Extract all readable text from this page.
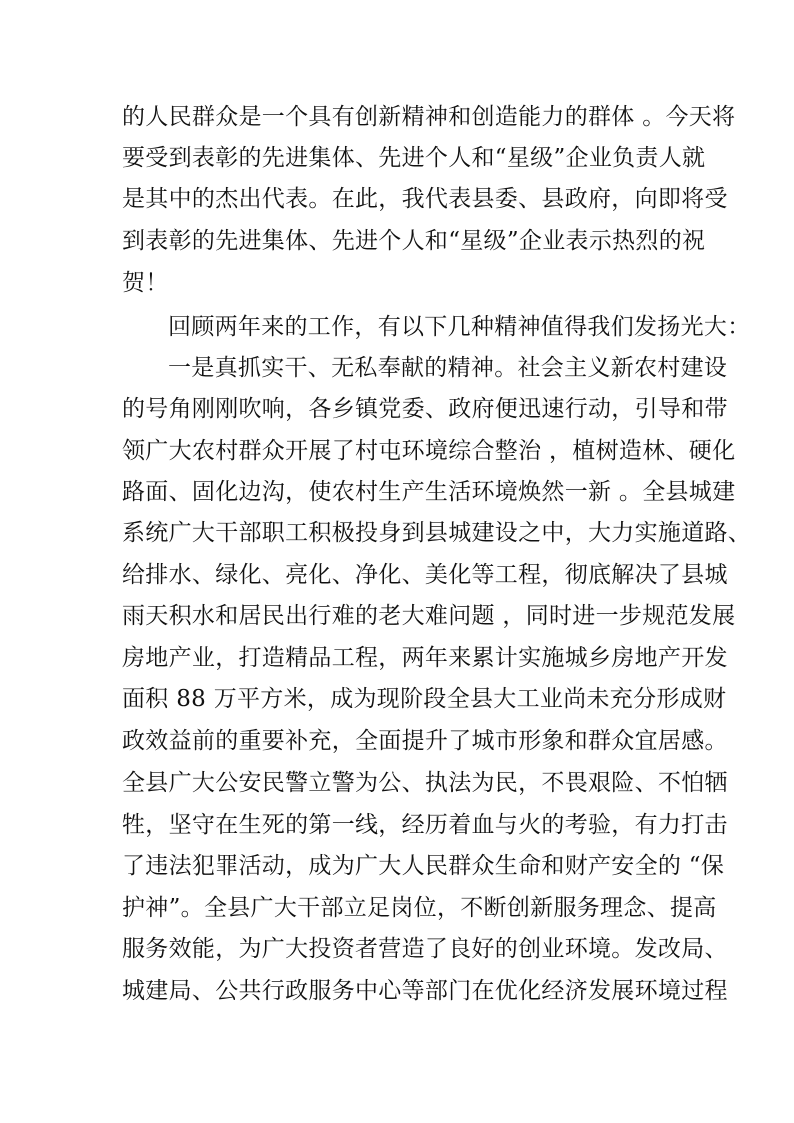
的人民群众是一个具有创新精神和创造能力的群体 。今天将
要受到表彰的先进集体、先进个人和“星级”企业负责人就
是其中的杰出代表。在此，我代表县委、县政府，向即将受
到表彰的先进集体、先进个人和“星级”企业表示热烈的祝
贺！
回顾两年来的工作，有以下几种精神值得我们发扬光大：
一是真抓实干、无私奉献的精神。社会主义新农村建设
的号角刚刚吹响，各乡镇党委、政府便迅速行动，引导和带
领广大农村群众开展了村屯环境综合整治 ，植树造林、硬化
路面、固化边沟，使农村生产生活环境焕然一新 。全县城建
系统广大干部职工积极投身到县城建设之中，大力实施道路、
给排水、绿化、亮化、净化、美化等工程，彻底解决了县城
雨天积水和居民出行难的老大难问题 ，同时进一步规范发展
房地产业，打造精品工程，两年来累计实施城乡房地产开发
面积 88 万平方米，成为现阶段全县大工业尚未充分形成财
政效益前的重要补充，全面提升了城市形象和群众宜居感。
全县广大公安民警立警为公、执法为民，不畏艰险、不怕牺
牲，坚守在生死的第一线，经历着血与火的考验，有力打击
了违法犯罪活动，成为广大人民群众生命和财产安全的 “保
护神”。全县广大干部立足岗位，不断创新服务理念、提高
服务效能，为广大投资者营造了良好的创业环境。发改局、
城建局、公共行政服务中心等部门在优化经济发展环境过程
